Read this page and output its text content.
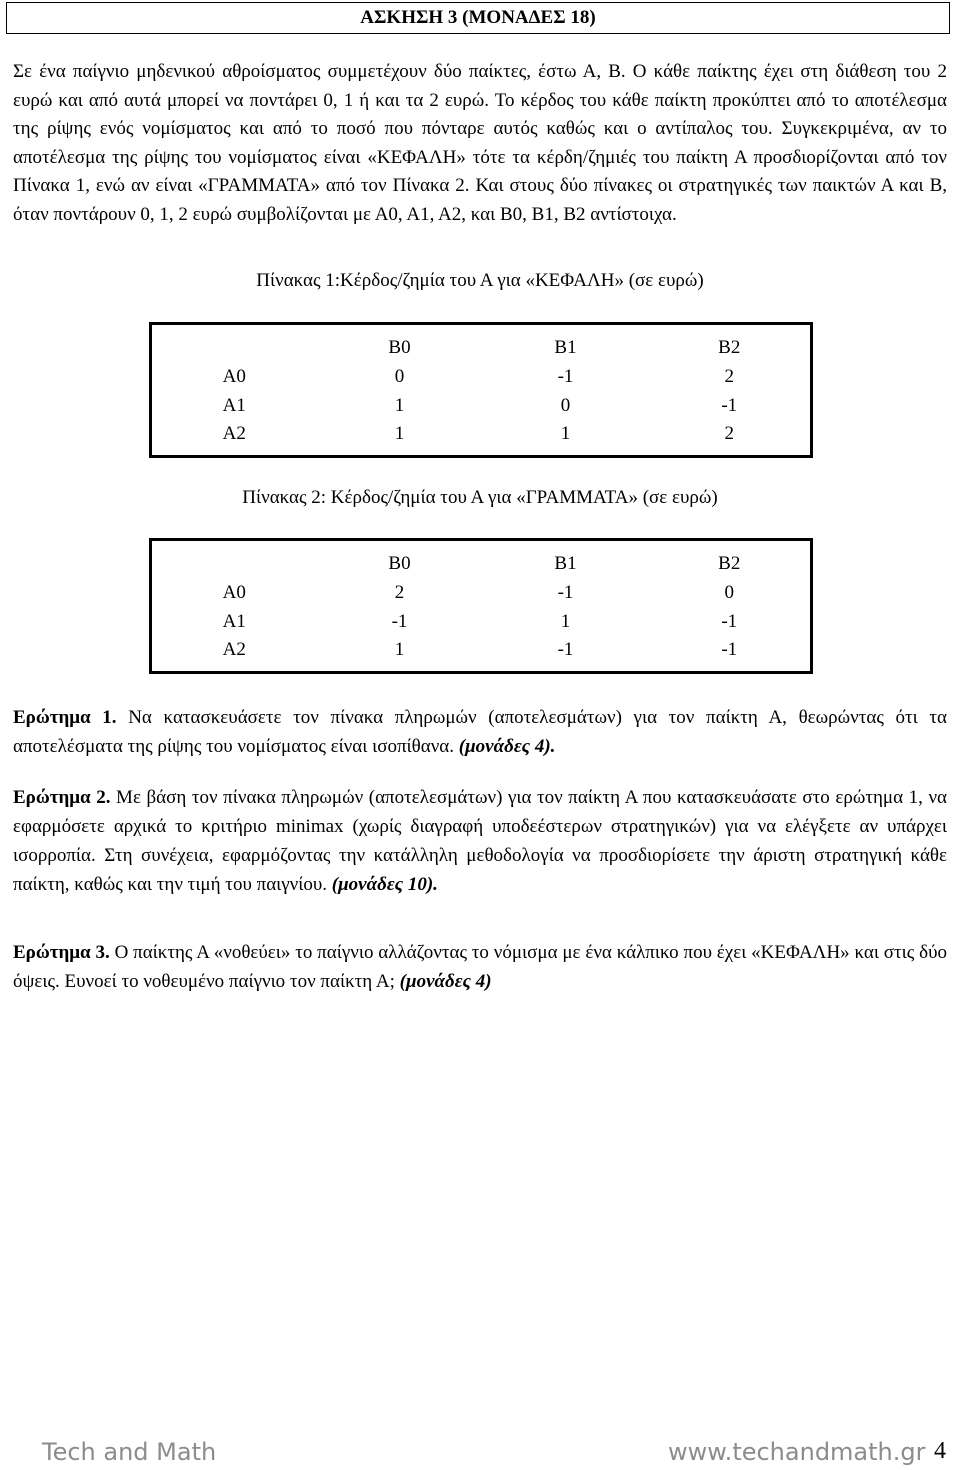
ΑΣΚΗΣΗ 3 (ΜΟΝΑΔΕΣ 18)

Σε ένα παίγνιο μηδενικού αθροίσματος συμμετέχουν δύο παίκτες, έστω Α, Β. Ο κάθε παίκτης έχει στη διάθεση του 2 ευρώ και από αυτά μπορεί να ποντάρει 0, 1 ή και τα 2 ευρώ. Το κέρδος του κάθε παίκτη προκύπτει από το αποτέλεσμα της ρίψης ενός νομίσματος και από το ποσό που πόνταρε αυτός καθώς και ο αντίπαλος του. Συγκεκριμένα, αν το αποτέλεσμα της ρίψης του νομίσματος είναι «ΚΕΦΑΛΗ» τότε τα κέρδη/ζημιές του παίκτη Α προσδιορίζονται από τον Πίνακα 1, ενώ αν είναι «ΓΡΑΜΜΑΤΑ» από τον Πίνακα 2. Και στους δύο πίνακες οι στρατηγικές των παικτών Α και Β, όταν ποντάρουν 0, 1, 2 ευρώ συμβολίζονται με Α0, Α1, Α2, και Β0, Β1, Β2 αντίστοιχα.

Πίνακας 1:Κέρδος/ζημία του Α για «ΚΕΦΑΛΗ» (σε ευρώ)

	Β0	Β1	Β2
Α0	0	-1	2
Α1	1	0	-1
Α2	1	1	2

Πίνακας 2: Κέρδος/ζημία του Α για «ΓΡΑΜΜΑΤΑ» (σε ευρώ)

	Β0	Β1	Β2
Α0	2	-1	0
Α1	-1	1	-1
Α2	1	-1	-1

Ερώτημα 1. Να κατασκευάσετε τον πίνακα πληρωμών (αποτελεσμάτων) για τον παίκτη Α, θεωρώντας ότι τα αποτελέσματα της ρίψης του νομίσματος είναι ισοπίθανα. (μονάδες 4).

Ερώτημα 2. Με βάση τον πίνακα πληρωμών (αποτελεσμάτων) για τον παίκτη Α που κατασκευάσατε στο ερώτημα 1, να εφαρμόσετε αρχικά το κριτήριο minimax (χωρίς διαγραφή υποδεέστερων στρατηγικών) για να ελέγξετε αν υπάρχει ισορροπία. Στη συνέχεια, εφαρμόζοντας την κατάλληλη μεθοδολογία να προσδιορίσετε την άριστη στρατηγική κάθε παίκτη, καθώς και την τιμή του παιγνίου. (μονάδες 10).

Ερώτημα 3. Ο παίκτης Α «νοθεύει» το παίγνιο αλλάζοντας το νόμισμα με ένα κάλπικο που έχει «ΚΕΦΑΛΗ» και στις δύο όψεις. Ευνοεί το νοθευμένο παίγνιο τον παίκτη Α; (μονάδες 4)

Tech and Math	www.techandmath.gr 4
